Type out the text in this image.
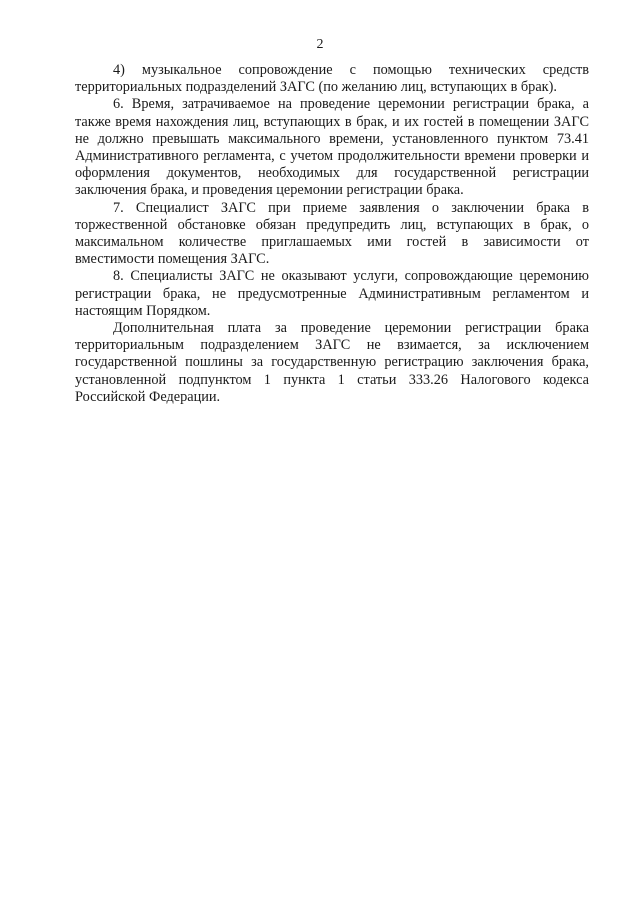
2

4) музыкальное сопровождение с помощью технических средств территориальных подразделений ЗАГС (по желанию лиц, вступающих в брак).

6. Время, затрачиваемое на проведение церемонии регистрации брака, а также время нахождения лиц, вступающих в брак, и их гостей в помещении ЗАГС не должно превышать максимального времени, установленного пунктом 73.41 Административного регламента, с учетом продолжительности времени проверки и оформления документов, необходимых для государственной регистрации заключения брака, и проведения церемонии регистрации брака.

7. Специалист ЗАГС при приеме заявления о заключении брака в торжественной обстановке обязан предупредить лиц, вступающих в брак, о максимальном количестве приглашаемых ими гостей в зависимости от вместимости помещения ЗАГС.

8. Специалисты ЗАГС не оказывают услуги, сопровождающие церемонию регистрации брака, не предусмотренные Административным регламентом и настоящим Порядком.

Дополнительная плата за проведение церемонии регистрации брака территориальным подразделением ЗАГС не взимается, за исключением государственной пошлины за государственную регистрацию заключения брака, установленной подпунктом 1 пункта 1 статьи 333.26 Налогового кодекса Российской Федерации.
